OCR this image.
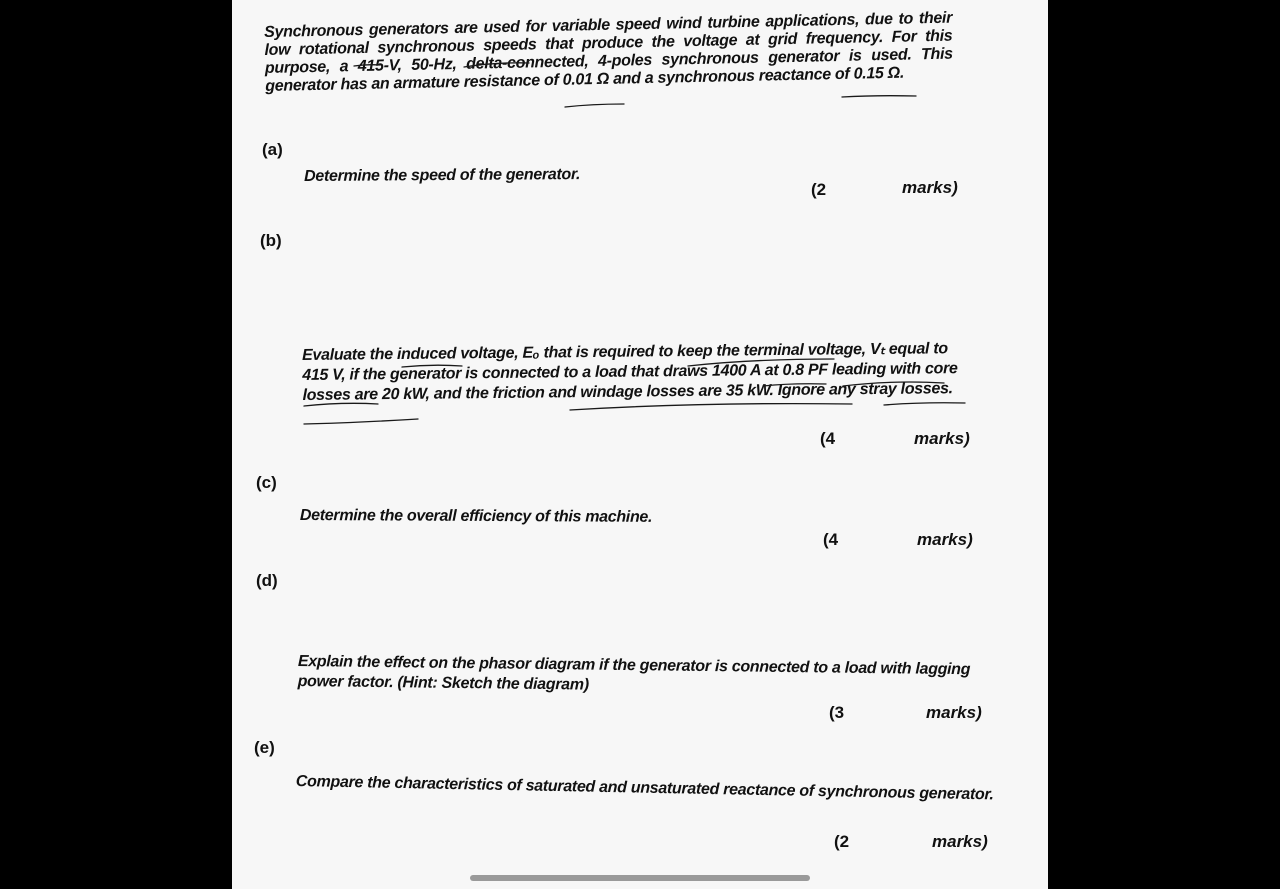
Synchronous generators are used for variable speed wind turbine applications, due to their low rotational synchronous speeds that produce the voltage at grid frequency. For this purpose, a 415-V, 50-Hz, delta-connected, 4-poles synchronous generator is used. This generator has an armature resistance of 0.01 Ω and a synchronous reactance of 0.15 Ω.
(a)
Determine the speed of the generator.
(2	marks)
(b)
Evaluate the induced voltage, Eₒ that is required to keep the terminal voltage, Vₜ equal to 415 V, if the generator is connected to a load that draws 1400 A at 0.8 PF leading with core losses are 20 kW, and the friction and windage losses are 35 kW. Ignore any stray losses.
(4	marks)
(c)
Determine the overall efficiency of this machine.
(4	marks)
(d)
Explain the effect on the phasor diagram if the generator is connected to a load with lagging power factor. (Hint: Sketch the diagram)
(3	marks)
(e)
Compare the characteristics of saturated and unsaturated reactance of synchronous generator.
(2	marks)
